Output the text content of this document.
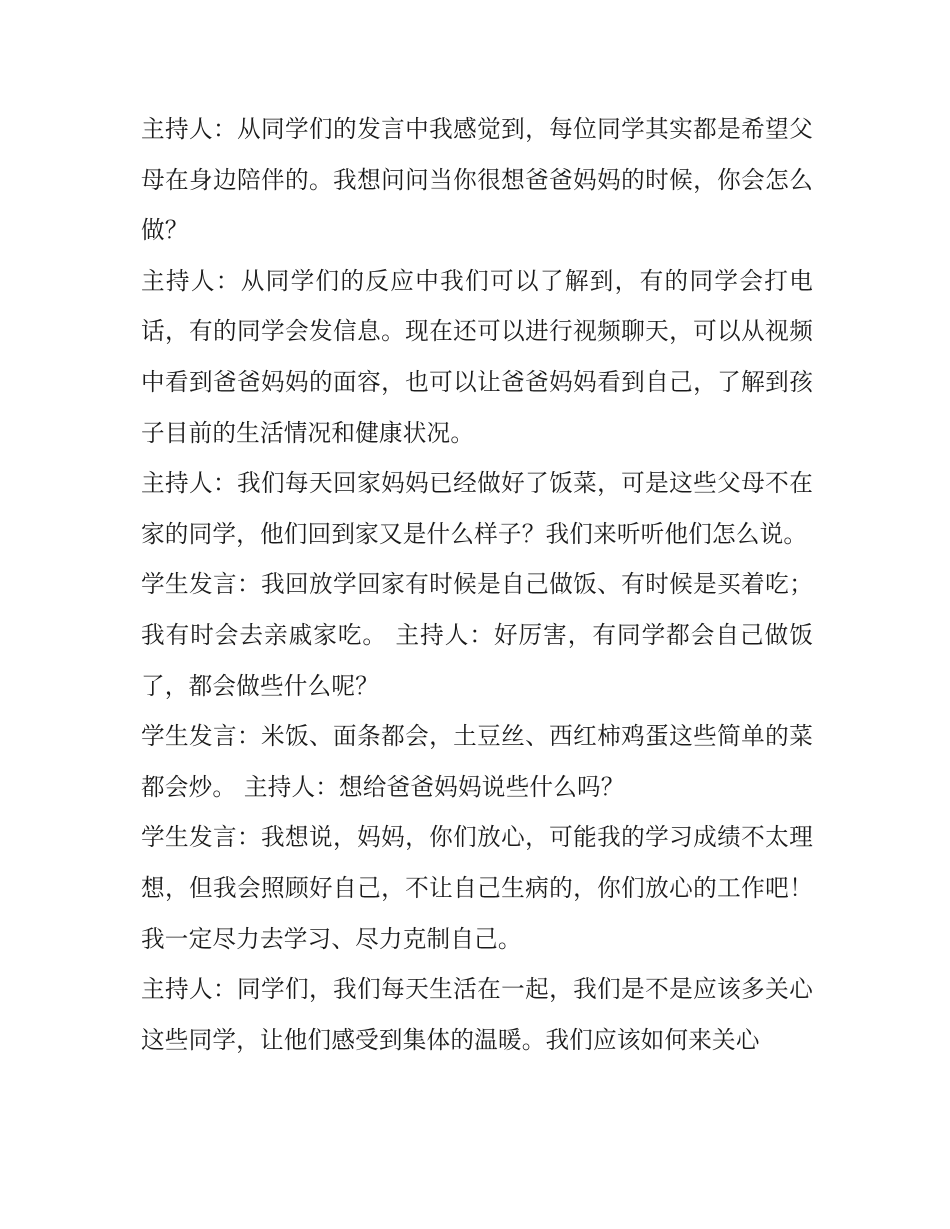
主持人：从同学们的发言中我感觉到，每位同学其实都是希望父母在身边陪伴的。我想问问当你很想爸爸妈妈的时候，你会怎么做？

主持人：从同学们的反应中我们可以了解到，有的同学会打电话，有的同学会发信息。现在还可以进行视频聊天，可以从视频中看到爸爸妈妈的面容，也可以让爸爸妈妈看到自己，了解到孩子目前的生活情况和健康状况。

主持人：我们每天回家妈妈已经做好了饭菜，可是这些父母不在家的同学，他们回到家又是什么样子？我们来听听他们怎么说。

学生发言：我回放学回家有时候是自己做饭、有时候是买着吃；我有时会去亲戚家吃。 主持人：好厉害，有同学都会自己做饭了，都会做些什么呢？

学生发言：米饭、面条都会，土豆丝、西红柿鸡蛋这些简单的菜都会炒。 主持人：想给爸爸妈妈说些什么吗？

学生发言：我想说，妈妈，你们放心，可能我的学习成绩不太理想，但我会照顾好自己，不让自己生病的，你们放心的工作吧！我一定尽力去学习、尽力克制自己。

主持人：同学们，我们每天生活在一起，我们是不是应该多关心这些同学，让他们感受到集体的温暖。我们应该如何来关心
